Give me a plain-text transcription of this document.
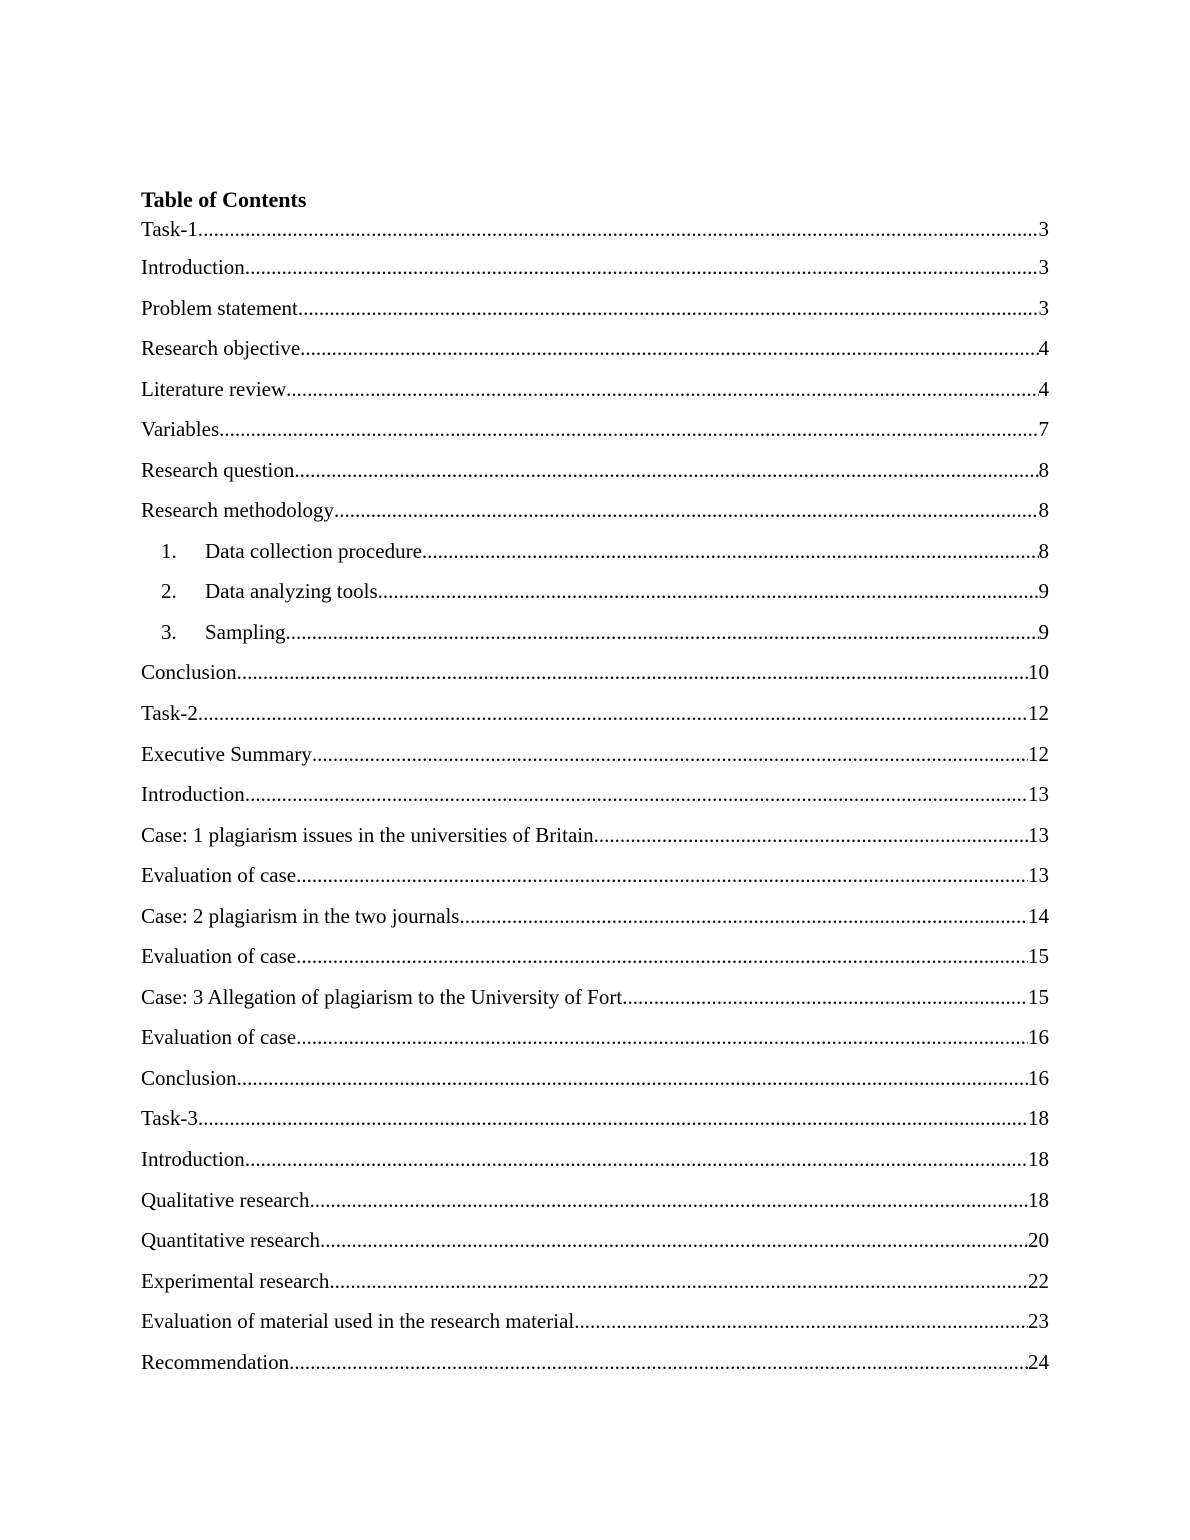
Table of Contents
Task-1 .....	3
Introduction .....	3
Problem statement .....	3
Research objective .....	4
Literature review .....	4
Variables .....	7
Research question .....	8
Research methodology .....	8
1.	Data collection procedure .....	8
2.	Data analyzing tools .....	9
3.	Sampling .....	9
Conclusion .....	10
Task-2 .....	12
Executive Summary .....	12
Introduction .....	13
Case: 1 plagiarism issues in the universities of Britain .....	13
Evaluation of case .....	13
Case: 2 plagiarism in the two journals .....	14
Evaluation of case .....	15
Case: 3 Allegation of plagiarism to the University of Fort .....	15
Evaluation of case .....	16
Conclusion .....	16
Task-3 .....	18
Introduction .....	18
Qualitative research .....	18
Quantitative research .....	20
Experimental research .....	22
Evaluation of material used in the research material .....	23
Recommendation .....	24
